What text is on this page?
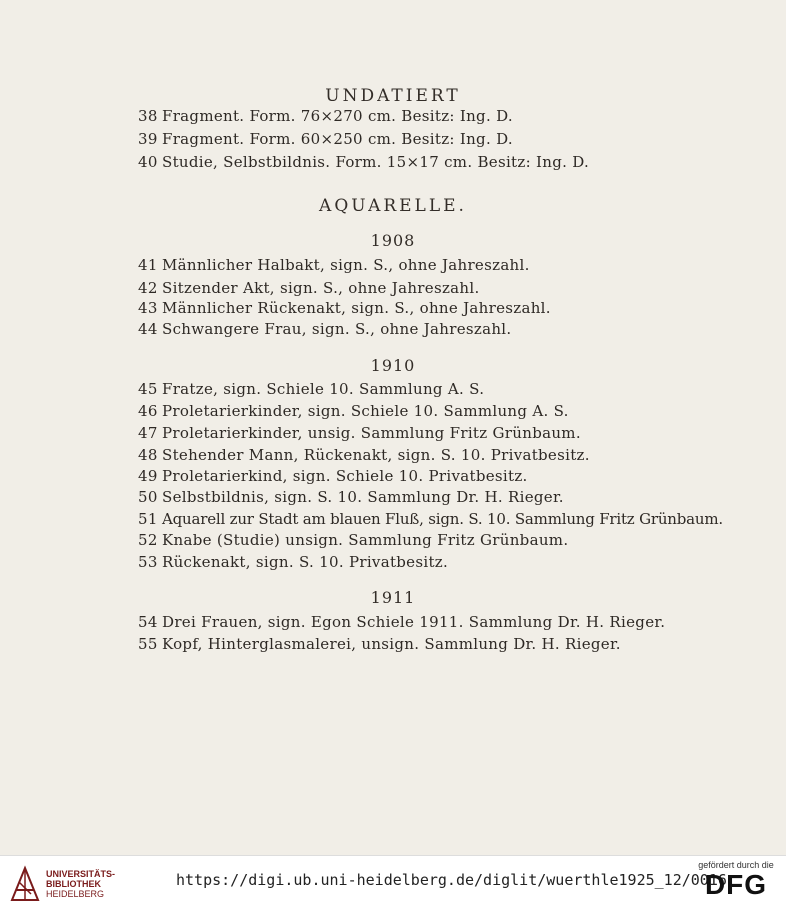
UNDATIERT
38 Fragment. Form. 76×270 cm. Besitz: Ing. D.
39 Fragment. Form. 60×250 cm. Besitz: Ing. D.
40 Studie, Selbstbildnis. Form. 15×17 cm. Besitz: Ing. D.
AQUARELLE.
1908
41 Männlicher Halbakt, sign. S., ohne Jahreszahl.
42 Sitzender Akt, sign. S., ohne Jahreszahl.
43 Männlicher Rückenakt, sign. S., ohne Jahreszahl.
44 Schwangere Frau, sign. S., ohne Jahreszahl.
1910
45 Fratze, sign. Schiele 10. Sammlung A. S.
46 Proletarierkinder, sign. Schiele 10. Sammlung A. S.
47 Proletarierkinder, unsig. Sammlung Fritz Grünbaum.
48 Stehender Mann, Rückenakt, sign. S. 10. Privatbesitz.
49 Proletarierkind, sign. Schiele 10. Privatbesitz.
50 Selbstbildnis, sign. S. 10. Sammlung Dr. H. Rieger.
51 Aquarell zur Stadt am blauen Fluß, sign. S. 10. Sammlung Fritz Grünbaum.
52 Knabe (Studie) unsign. Sammlung Fritz Grünbaum.
53 Rückenakt, sign. S. 10. Privatbesitz.
1911
54 Drei Frauen, sign. Egon Schiele 1911. Sammlung Dr. H. Rieger.
55 Kopf, Hinterglasmalerei, unsign. Sammlung Dr. H. Rieger.
UNIVERSITÄTS-
BIBLIOTHEK
HEIDELBERG
https://digi.ub.uni-heidelberg.de/diglit/wuerthle1925_12/0016
gefördert durch die
DFG
